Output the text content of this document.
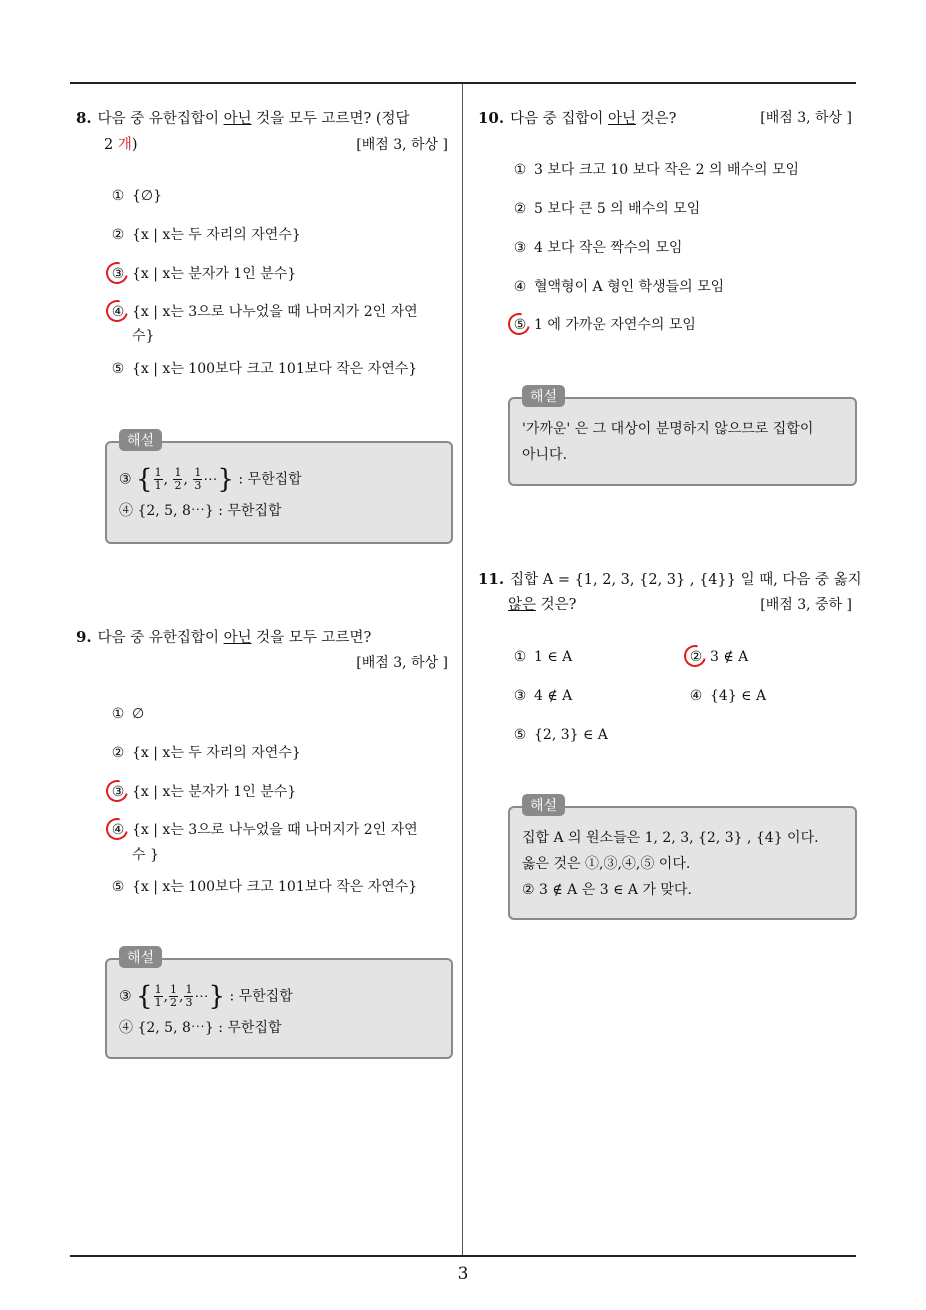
3
8. 다음 중 유한집합이 아닌 것을 모두 고르면? (정답
2 개)	[배점 3, 하상 ]
① {∅}
② {x | x는 두 자리의 자연수}
③ {x | x는 분자가 1인 분수}
④ {x | x는 3으로 나누었을 때 나머지가 2인 자연
수}
⑤ {x | x는 100보다 크고 101보다 작은 자연수}
해설
③ { $\frac{1}{1}$ , $\frac{1}{2}$ , $\frac{1}{3}$ ⋯} : 무한집합
④ {2, 5, 8⋯} : 무한집합
9. 다음 중 유한집합이 아닌 것을 모두 고르면?
[배점 3, 하상 ]
① ∅
② {x | x는 두 자리의 자연수}
③ {x | x는 분자가 1인 분수}
④ {x | x는 3으로 나누었을 때 나머지가 2인 자연
수 }
⑤ {x | x는 100보다 크고 101보다 작은 자연수}
해설
③ { $\frac{1}{1}$ , $\frac{1}{2}$ , $\frac{1}{3}$ ⋯} : 무한집합
④ {2, 5, 8⋯} : 무한집합
10. 다음 중 집합이 아닌 것은?	[배점 3, 하상 ]
① 3 보다 크고 10 보다 작은 2 의 배수의 모임
② 5 보다 큰 5 의 배수의 모임
③ 4 보다 작은 짝수의 모임
④ 혈액형이 A 형인 학생들의 모임
⑤ 1 에 가까운 자연수의 모임
해설
'가까운' 은 그 대상이 분명하지 않으므로 집합이
아니다.
11. 집합 A = {1, 2, 3, {2, 3} , {4}} 일 때, 다음 중 옳지
않은 것은?	[배점 3, 중하 ]
① 1 ∈ A	② 3 ∉ A
③ 4 ∉ A	④ {4} ∈ A
⑤ {2, 3} ∈ A
해설
집합 A 의 원소들은 1, 2, 3, {2, 3} , {4} 이다.
옳은 것은 ①,③,④,⑤ 이다.
② 3 ∉ A 은 3 ∈ A 가 맞다.
